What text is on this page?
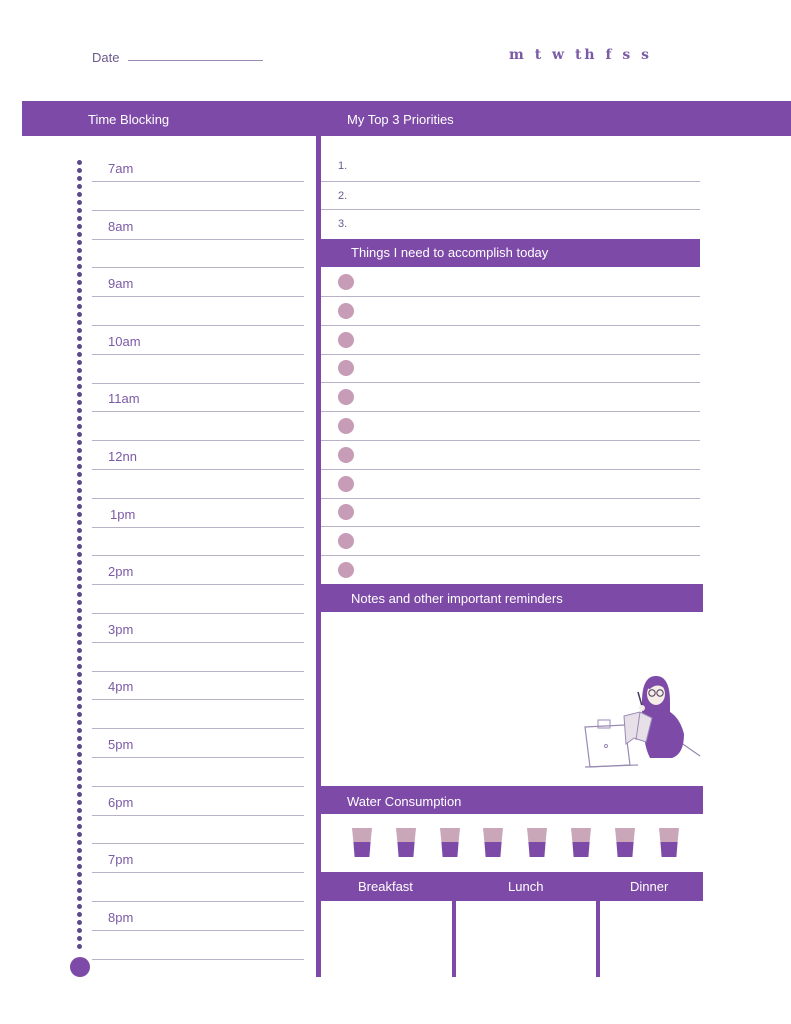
Date	m t w th f s s
Time Blocking	My Top 3 Priorities
7am
8am
9am
10am
11am
12nn
1pm
2pm
3pm
4pm
5pm
6pm
7pm
8pm
1.
2.
3.
Things I need to accomplish today
Notes and other important reminders
Water Consumption
Breakfast	Lunch	Dinner
